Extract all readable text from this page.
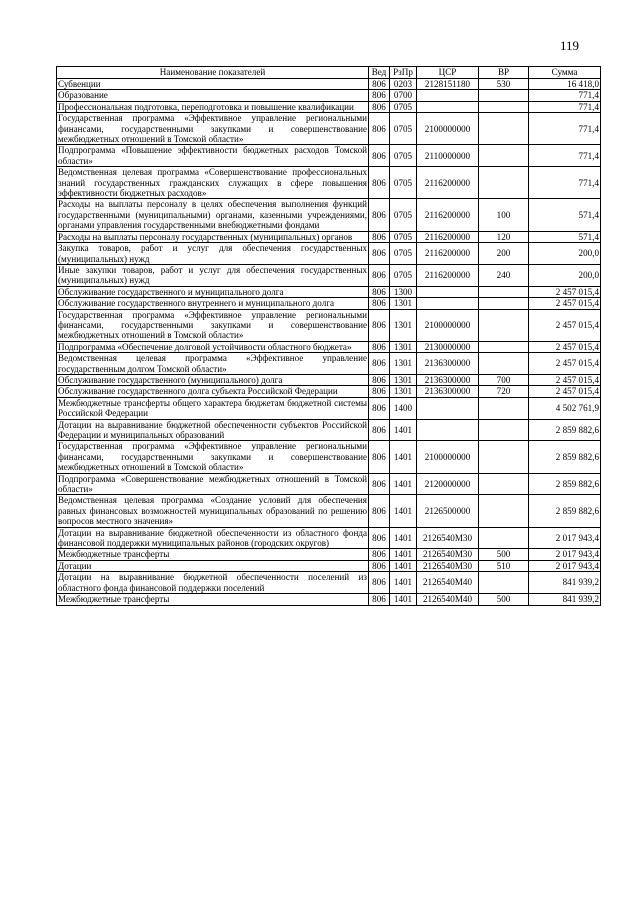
119
Наименование показателей	Вед	РзПр	ЦСР	ВР	Сумма
Субвенции	806	0203	2128151180	530	16 418,0
Образование	806	0700			771,4
Профессиональная подготовка, переподготовка и повышение квалификации	806	0705			771,4
Государственная программа «Эффективное управление региональными финансами, государственными закупками и совершенствование межбюджетных отношений в Томской области»	806	0705	2100000000		771,4
Подпрограмма «Повышение эффективности бюджетных расходов Томской области»	806	0705	2110000000		771,4
Ведомственная целевая программа «Совершенствование профессиональных знаний государственных гражданских служащих в сфере повышения эффективности бюджетных расходов»	806	0705	2116200000		771,4
Расходы на выплаты персоналу в целях обеспечения выполнения функций государственными (муниципальными) органами, казенными учреждениями, органами управления государственными внебюджетными фондами	806	0705	2116200000	100	571,4
Расходы на выплаты персоналу государственных (муниципальных) органов	806	0705	2116200000	120	571,4
Закупка товаров, работ и услуг для обеспечения государственных (муниципальных) нужд	806	0705	2116200000	200	200,0
Иные закупки товаров, работ и услуг для обеспечения государственных (муниципальных) нужд	806	0705	2116200000	240	200,0
Обслуживание государственного и муниципального долга	806	1300			2 457 015,4
Обслуживание государственного внутреннего и муниципального долга	806	1301			2 457 015,4
Государственная программа «Эффективное управление региональными финансами, государственными закупками и совершенствование межбюджетных отношений в Томской области»	806	1301	2100000000		2 457 015,4
Подпрограмма «Обеспечение долговой устойчивости областного бюджета»	806	1301	2130000000		2 457 015,4
Ведомственная целевая программа «Эффективное управление государственным долгом Томской области»	806	1301	2136300000		2 457 015,4
Обслуживание государственного (муниципального) долга	806	1301	2136300000	700	2 457 015,4
Обслуживание государственного долга субъекта Российской Федерации	806	1301	2136300000	720	2 457 015,4
Межбюджетные трансферты общего характера бюджетам бюджетной системы Российской Федерации	806	1400			4 502 761,9
Дотации на выравнивание бюджетной обеспеченности субъектов Российской Федерации и муниципальных образований	806	1401			2 859 882,6
Государственная программа «Эффективное управление региональными финансами, государственными закупками и совершенствование межбюджетных отношений в Томской области»	806	1401	2100000000		2 859 882,6
Подпрограмма «Совершенствование межбюджетных отношений в Томской области»	806	1401	2120000000		2 859 882,6
Ведомственная целевая программа «Создание условий для обеспечения равных финансовых возможностей муниципальных образований по решению вопросов местного значения»	806	1401	2126500000		2 859 882,6
Дотации на выравнивание бюджетной обеспеченности из областного фонда финансовой поддержки муниципальных районов (городских округов)	806	1401	2126540М30		2 017 943,4
Межбюджетные трансферты	806	1401	2126540М30	500	2 017 943,4
Дотации	806	1401	2126540М30	510	2 017 943,4
Дотации на выравнивание бюджетной обеспеченности поселений из областного фонда финансовой поддержки поселений	806	1401	2126540М40		841 939,2
Межбюджетные трансферты	806	1401	2126540М40	500	841 939,2
